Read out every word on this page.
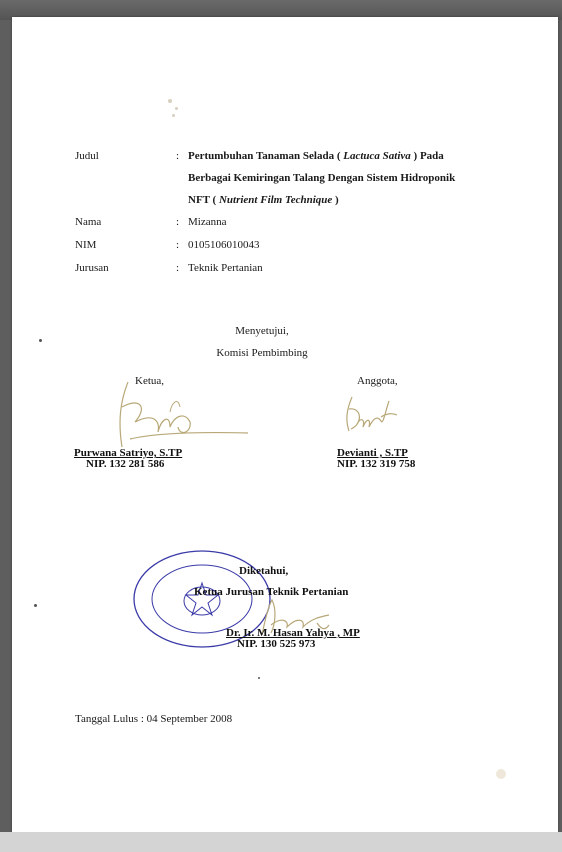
Judul	: Pertumbuhan Tanaman Selada ( Lactuca Sativa ) Pada
Berbagai Kemiringan Talang Dengan Sistem Hidroponik
NFT ( Nutrient Film Technique )
Nama	: Mizanna
NIM	: 0105106010043
Jurusan	: Teknik Pertanian
Menyetujui,
Komisi Pembimbing
Ketua,
Purwana Satriyo, S.TP
NIP. 132 281 586
Anggota,
Devianti , S.TP
NIP. 132 319 758
Diketahui,
Ketua Jurusan Teknik Pertanian
Dr. Ir. M. Hasan Yahya , MP
NIP. 130 525 973
Tanggal Lulus : 04 September 2008
